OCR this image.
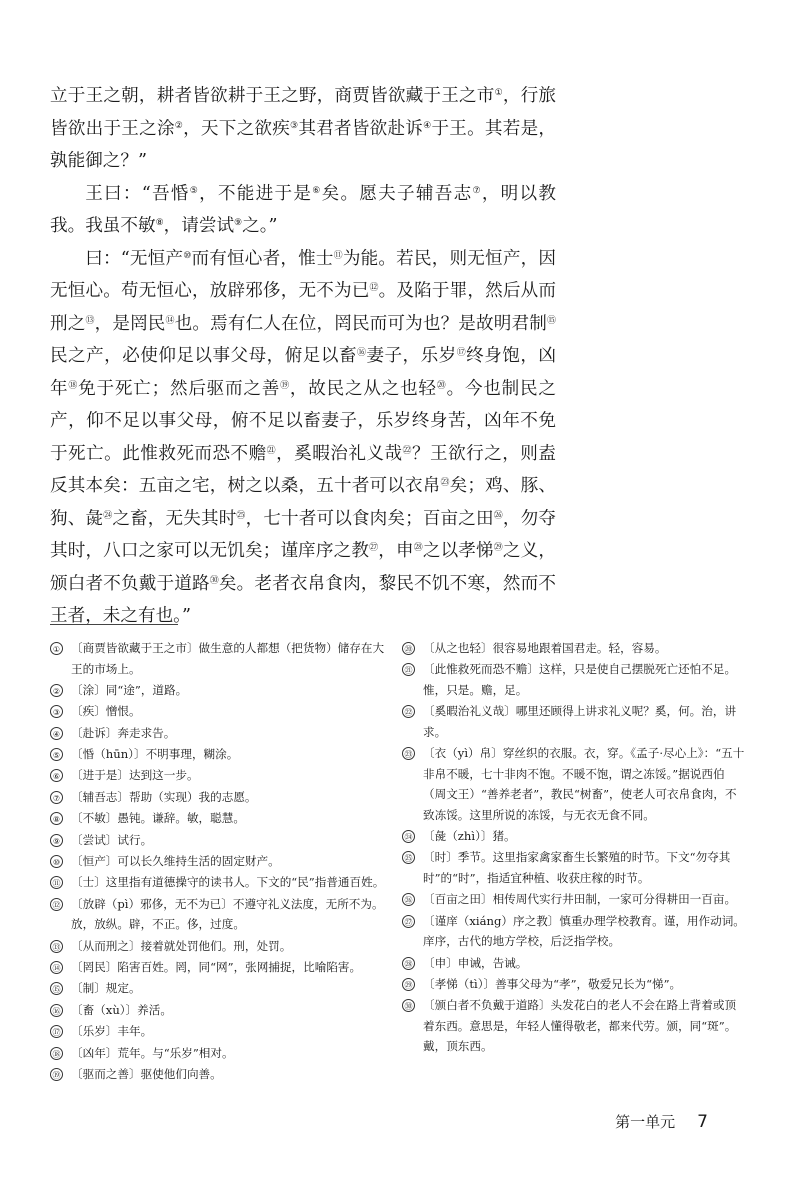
立于王之朝，耕者皆欲耕于王之野，商贾皆欲藏于王之市①，行旅皆欲出于王之涂②，天下之欲疾③其君者皆欲赴诉④于王。其若是，孰能御之？”

王曰：“吾惛⑤，不能进于是⑥矣。愿夫子辅吾志⑦，明以教我。我虽不敏⑧，请尝试⑨之。”

曰：“无恒产⑩而有恒心者，惟士⑪为能。若民，则无恒产，因无恒心。苟无恒心，放辟邪侈，无不为已⑫。及陷于罪，然后从而刑之⑬，是罔民⑭也。焉有仁人在位，罔民而可为也？是故明君制⑮民之产，必使仰足以事父母，俯足以畜⑯妻子，乐岁⑰终身饱，凶年⑱免于死亡；然后驱而之善⑲，故民之从之也轻⑳。今也制民之产，仰不足以事父母，俯不足以畜妻子，乐岁终身苦，凶年不免于死亡。此惟救死而恐不赡$^㉑$，奚暇治礼义哉$^㉒$？王欲行之，则盍反其本矣：五亩之宅，树之以桑，五十者可以衣帛$^㉓$矣；鸡、豚、狗、彘$^㉔$之畜，无失其时$^㉕$，七十者可以食肉矣；百亩之田$^㉖$，勿夺其时，八口之家可以无饥矣；谨庠序之教$^㉗$，申$^㉘$之以孝悌$^㉙$之义，颁白者不负戴于道路$^㉚$矣。老者衣帛食肉，黎民不饥不寒，然而不王者，未之有也。”

① 〔商贾皆欲藏于王之市〕做生意的人都想（把货物）储存在大王的市场上。
② 〔涂〕同“途”，道路。
③ 〔疾〕憎恨。
④ 〔赴诉〕奔走求告。
⑤ 〔惛（hūn）〕不明事理，糊涂。
⑥ 〔进于是〕达到这一步。
⑦ 〔辅吾志〕帮助（实现）我的志愿。
⑧ 〔不敏〕愚钝。谦辞。敏，聪慧。
⑨ 〔尝试〕试行。
⑩ 〔恒产〕可以长久维持生活的固定财产。
⑪ 〔士〕这里指有道德操守的读书人。下文的“民”指普通百姓。
⑫ 〔放辟（pì）邪侈，无不为已〕不遵守礼义法度，无所不为。放，放纵。辟，不正。侈，过度。
⑬ 〔从而刑之〕接着就处罚他们。刑，处罚。
⑭ 〔罔民〕陷害百姓。罔，同“网”，张网捕捉，比喻陷害。
⑮ 〔制〕规定。
⑯ 〔畜（xù）〕养活。
⑰ 〔乐岁〕丰年。
⑱ 〔凶年〕荒年。与“乐岁”相对。
⑲ 〔驱而之善〕驱使他们向善。
⑳ 〔从之也轻〕很容易地跟着国君走。轻，容易。
㉑ 〔此惟救死而恐不赡〕这样，只是使自己摆脱死亡还怕不足。惟，只是。赡，足。
㉒ 〔奚暇治礼义哉〕哪里还顾得上讲求礼义呢？奚，何。治，讲求。
㉓ 〔衣（yì）帛〕穿丝织的衣服。衣，穿。《孟子·尽心上》：“五十非帛不暖，七十非肉不饱。不暖不饱，谓之冻馁。”据说西伯（周文王）“善养老者”，教民“树畜”，使老人可衣帛食肉，不致冻馁。这里所说的冻馁，与无衣无食不同。
㉔ 〔彘（zhì）〕猪。
㉕ 〔时〕季节。这里指家禽家畜生长繁殖的时节。下文“勿夺其时”的“时”，指适宜种植、收获庄稼的时节。
㉖ 〔百亩之田〕相传周代实行井田制，一家可分得耕田一百亩。
㉗ 〔谨庠（xiáng）序之教〕慎重办理学校教育。谨，用作动词。庠序，古代的地方学校，后泛指学校。
㉘ 〔申〕申诫，告诫。
㉙ 〔孝悌（tì）〕善事父母为“孝”，敬爱兄长为“悌”。
㉚ 〔颁白者不负戴于道路〕头发花白的老人不会在路上背着或顶着东西。意思是，年轻人懂得敬老，都来代劳。颁，同“斑”。戴，顶东西。
第一单元 7
